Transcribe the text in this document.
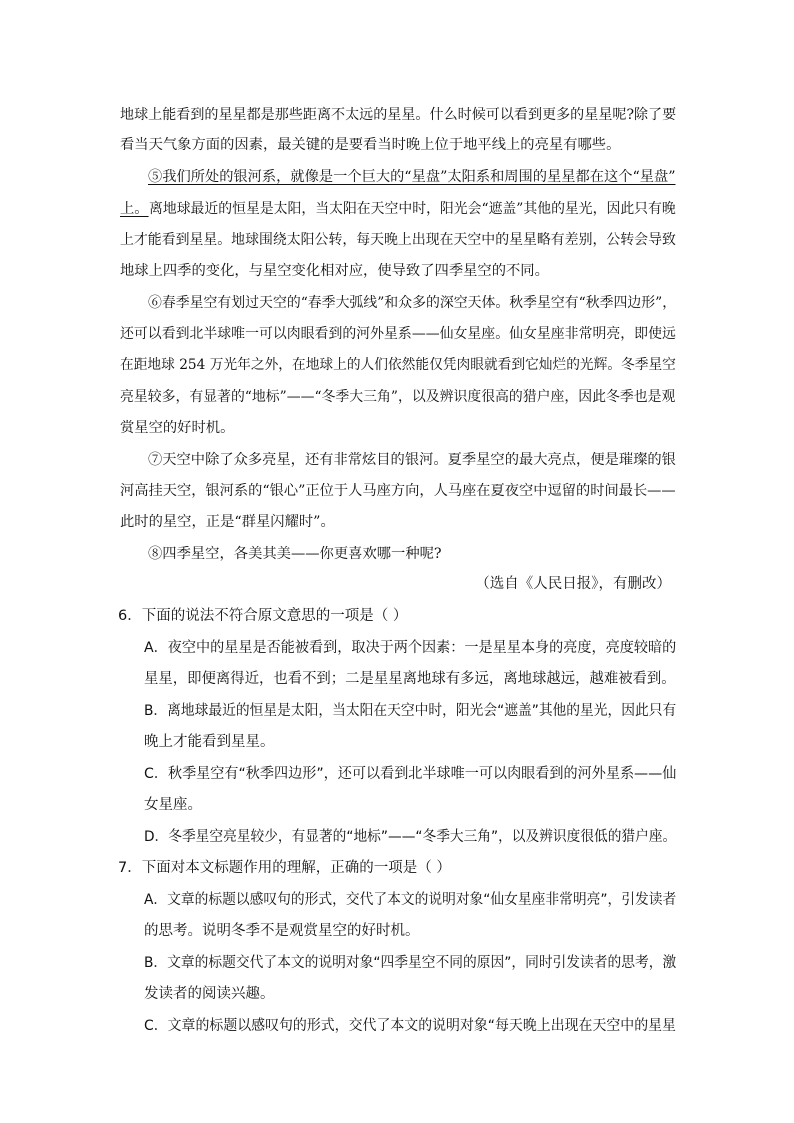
地球上能看到的星星都是那些距离不太远的星星。什么时候可以看到更多的星星呢?除了要
看当天气象方面的因素，最关键的是要看当时晚上位于地平线上的亮星有哪些。
⑤我们所处的银河系，就像是一个巨大的“星盘”太阳系和周围的星星都在这个“星盘”
上。 离地球最近的恒星是太阳，当太阳在天空中时，阳光会“遮盖”其他的星光，因此只有晚
上才能看到星星。地球围绕太阳公转，每天晚上出现在天空中的星星略有差别，公转会导致
地球上四季的变化，与星空变化相对应，使导致了四季星空的不同。
⑥春季星空有划过天空的“春季大弧线”和众多的深空天体。秋季星空有“秋季四边形”，
还可以看到北半球唯一可以肉眼看到的河外星系——仙女星座。仙女星座非常明亮，即使远
在距地球 254 万光年之外，在地球上的人们依然能仅凭肉眼就看到它灿烂的光辉。冬季星空
亮星较多，有显著的“地标”——“冬季大三角”，以及辨识度很高的猎户座，因此冬季也是观
赏星空的好时机。
⑦天空中除了众多亮星，还有非常炫目的银河。夏季星空的最大亮点，便是璀璨的银
河高挂天空，银河系的“银心”正位于人马座方向，人马座在夏夜空中逗留的时间最长——
此时的星空，正是“群星闪耀时”。
⑧四季星空，各美其美——你更喜欢哪一种呢?
（选自《人民日报》，有删改）
6．下面的说法不符合原文意思的一项是（ ）
A．夜空中的星星是否能被看到，取决于两个因素：一是星星本身的亮度，亮度较暗的
星星，即便离得近，也看不到；二是星星离地球有多远，离地球越远，越难被看到。
B．离地球最近的恒星是太阳，当太阳在天空中时，阳光会“遮盖”其他的星光，因此只有
晚上才能看到星星。
C．秋季星空有“秋季四边形”，还可以看到北半球唯一可以肉眼看到的河外星系——仙
女星座。
D．冬季星空亮星较少，有显著的“地标”——“冬季大三角”，以及辨识度很低的猎户座。
7．下面对本文标题作用的理解，正确的一项是（ ）
A．文章的标题以感叹句的形式，交代了本文的说明对象“仙女星座非常明亮”，引发读者
的思考。说明冬季不是观赏星空的好时机。
B．文章的标题交代了本文的说明对象“四季星空不同的原因”，同时引发读者的思考，激
发读者的阅读兴趣。
C．文章的标题以感叹句的形式，交代了本文的说明对象“每天晚上出现在天空中的星星
